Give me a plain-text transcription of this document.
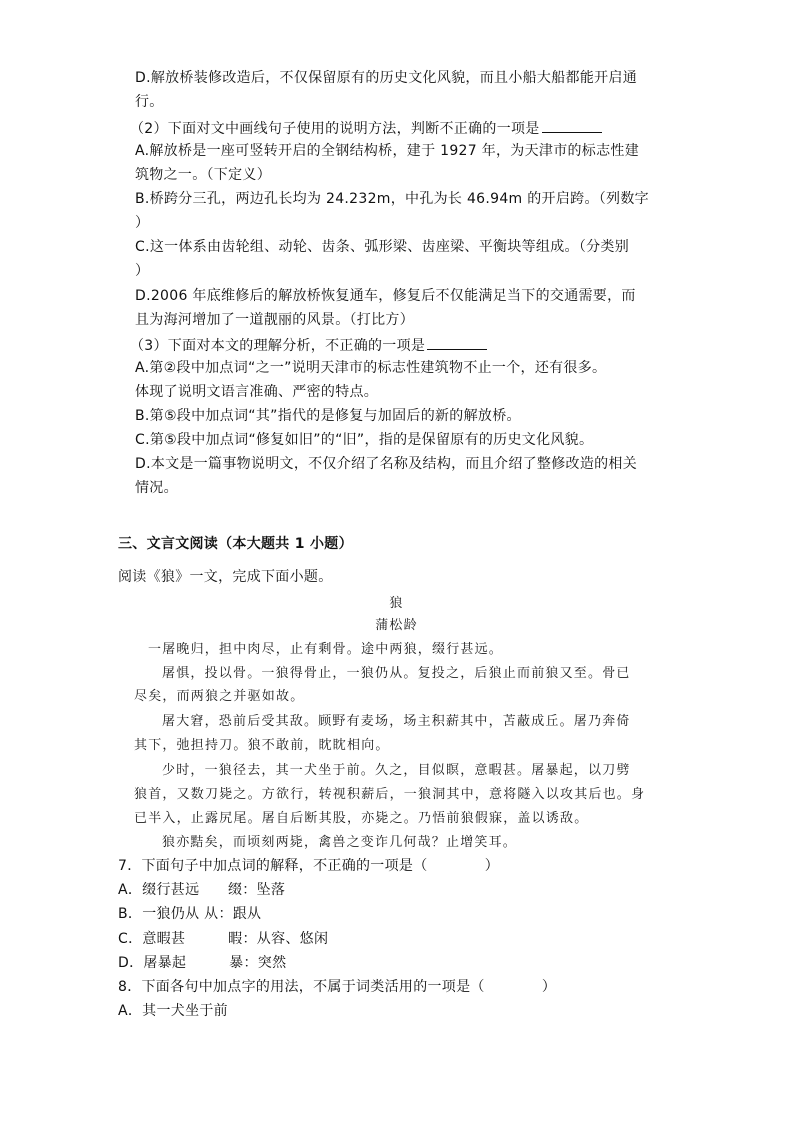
D.解放桥装修改造后，不仅保留原有的历史文化风貌，而且小船大船都能开启通
行。
（2）下面对文中画线句子使用的说明方法，判断不正确的一项是
A.解放桥是一座可竖转开启的全钢结构桥，建于 1927 年，为天津市的标志性建
筑物之一。（下定义）
B.桥跨分三孔，两边孔长均为 24.232m，中孔为长 46.94m 的开启跨。（列数字
）
C.这一体系由齿轮组、动轮、齿条、弧形梁、齿座梁、平衡块等组成。（分类别
）
D.2006 年底维修后的解放桥恢复通车，修复后不仅能满足当下的交通需要，而
且为海河增加了一道靓丽的风景。（打比方）
（3）下面对本文的理解分析，不正确的一项是
A.第②段中加点词“之一”说明天津市的标志性建筑物不止一个，还有很多。
体现了说明文语言准确、严密的特点。
B.第⑤段中加点词“其”指代的是修复与加固后的新的解放桥。
C.第⑤段中加点词“修复如旧”的“旧”，指的是保留原有的历史文化风貌。
D.本文是一篇事物说明文，不仅介绍了名称及结构，而且介绍了整修改造的相关
情况。
三、文言文阅读（本大题共 1 小题）
阅读《狼》一文，完成下面小题。
狼
蒲松龄
一屠晚归，担中肉尽，止有剩骨。途中两狼，缀行甚远。
屠惧，投以骨。一狼得骨止，一狼仍从。复投之，后狼止而前狼又至。骨已
尽矣，而两狼之并驱如故。
屠大窘，恐前后受其敌。顾野有麦场，场主积薪其中，苫蔽成丘。屠乃奔倚
其下，弛担持刀。狼不敢前，眈眈相向。
少时，一狼径去，其一犬坐于前。久之，目似瞑，意暇甚。屠暴起，以刀劈
狼首，又数刀毙之。方欲行，转视积薪后，一狼洞其中，意将隧入以攻其后也。身
已半入，止露尻尾。屠自后断其股，亦毙之。乃悟前狼假寐，盖以诱敌。
狼亦黠矣，而顷刻两毙，禽兽之变诈几何哉？止增笑耳。
7．下面句子中加点词的解释，不正确的一项是（　　　　）
A．缀行甚远　　缀：坠落
B．一狼仍从 从：跟从
C．意暇甚　　　暇：从容、悠闲
D．屠暴起　　　暴：突然
8．下面各句中加点字的用法，不属于词类活用的一项是（　　　　）
A．其一犬坐于前
